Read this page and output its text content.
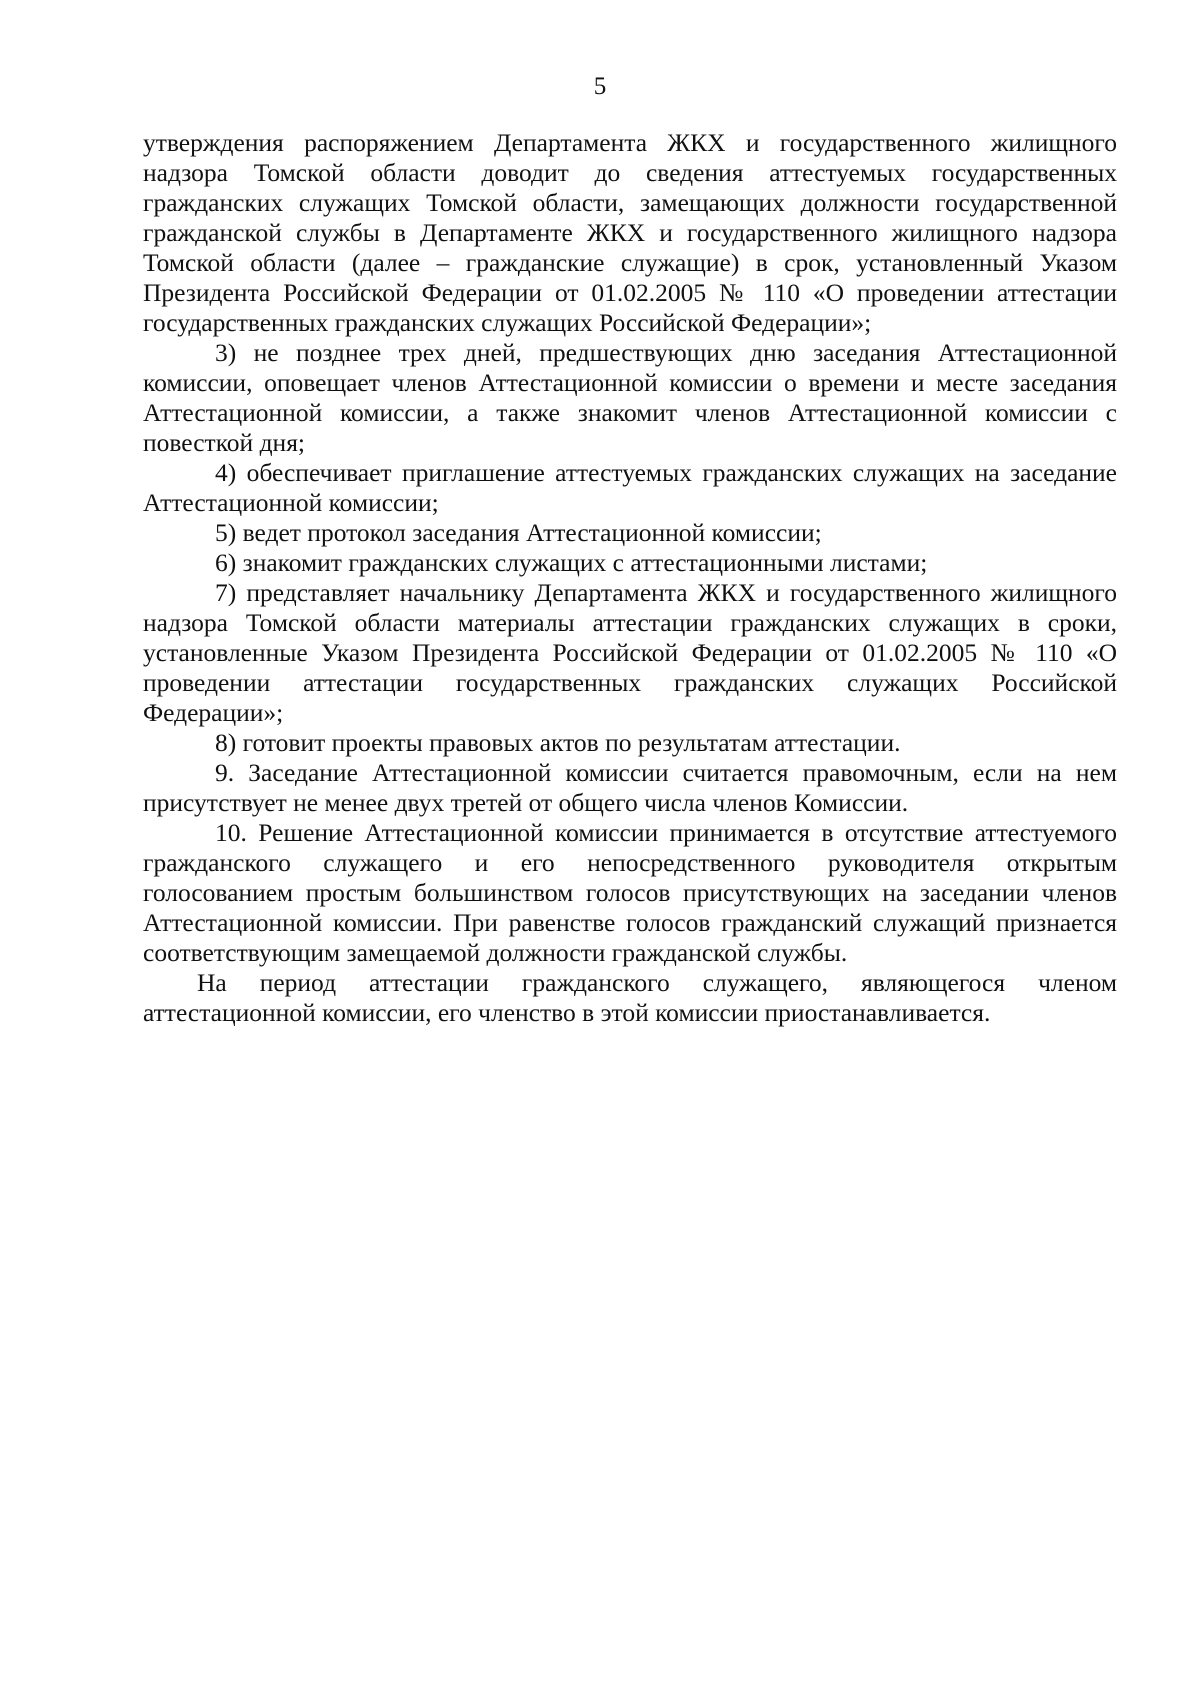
5

утверждения распоряжением Департамента ЖКХ и государственного жилищного надзора Томской области доводит до сведения аттестуемых государственных гражданских служащих Томской области, замещающих должности государственной гражданской службы в Департаменте ЖКХ и государственного жилищного надзора Томской области (далее – гражданские служащие) в срок, установленный Указом Президента Российской Федерации от 01.02.2005 № 110 «О проведении аттестации государственных гражданских служащих Российской Федерации»;

3) не позднее трех дней, предшествующих дню заседания Аттестационной комиссии, оповещает членов Аттестационной комиссии о времени и месте заседания Аттестационной комиссии, а также знакомит членов Аттестационной комиссии с повесткой дня;

4) обеспечивает приглашение аттестуемых гражданских служащих на заседание Аттестационной комиссии;

5) ведет протокол заседания Аттестационной комиссии;

6) знакомит гражданских служащих с аттестационными листами;

7) представляет начальнику Департамента ЖКХ и государственного жилищного надзора Томской области материалы аттестации гражданских служащих в сроки, установленные Указом Президента Российской Федерации от 01.02.2005 № 110 «О проведении аттестации государственных гражданских служащих Российской Федерации»;

8) готовит проекты правовых актов по результатам аттестации.

9. Заседание Аттестационной комиссии считается правомочным, если на нем присутствует не менее двух третей от общего числа членов Комиссии.

10. Решение Аттестационной комиссии принимается в отсутствие аттестуемого гражданского служащего и его непосредственного руководителя открытым голосованием простым большинством голосов присутствующих на заседании членов Аттестационной комиссии. При равенстве голосов гражданский служащий признается соответствующим замещаемой должности гражданской службы.

На период аттестации гражданского служащего, являющегося членом аттестационной комиссии, его членство в этой комиссии приостанавливается.
